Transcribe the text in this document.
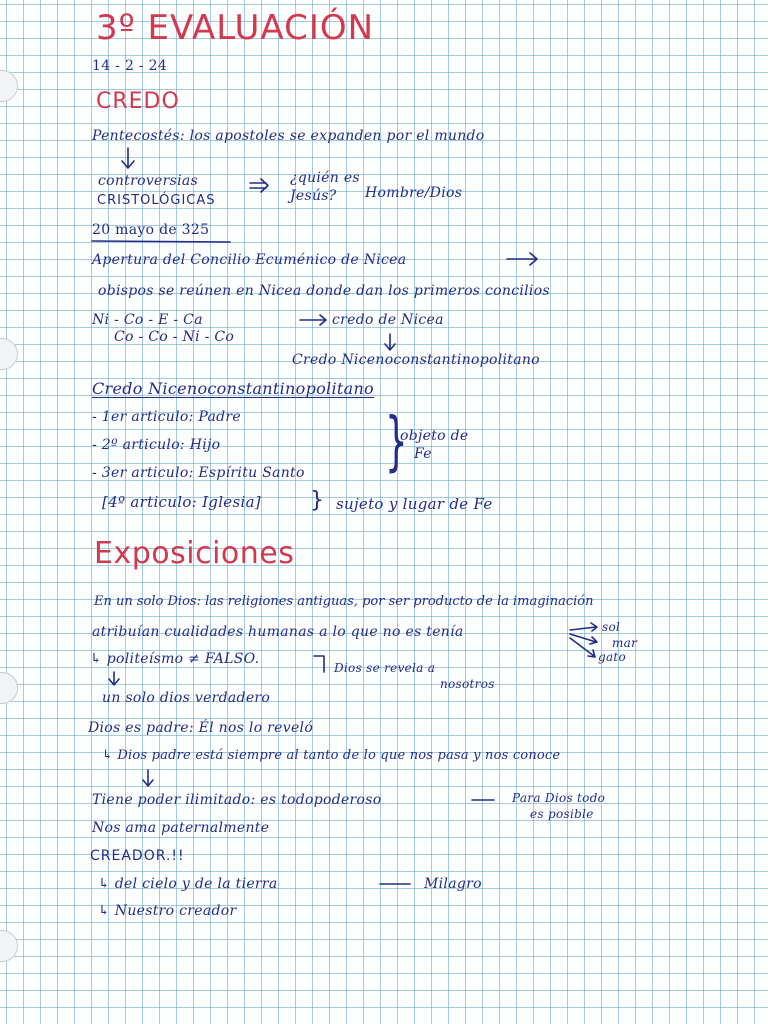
3º EVALUACIÓN
14 - 2 - 24
CREDO
Pentecostés: los apostoles se expanden por el mundo
controversias
CRISTOLÓGICAS
¿quién es
Jesús? Hombre/Dios
20 mayo de 325
Apertura del Concilio Ecuménico de Nicea
obispos se reúnen en Nicea donde dan los primeros concilios
Ni - Co - E - Ca
Co - Co - Ni - Co
credo de Nicea
Credo Nicenoconstantinopolitano
Credo Nicenoconstantinopolitano
- 1er articulo: Padre
- 2º articulo: Hijo
- 3er articulo: Espíritu Santo }
objeto de
Fe
[4º articulo: Iglesia] } sujeto y lugar de Fe
Exposiciones
En un solo Dios: las religiones antiguas, por ser producto de la imaginación
atribuían cualidades humanas a lo que no es tenía	sol
mar
gato
↳ politeísmo ≠ FALSO.
Dios se revela a
nosotros
un solo dios verdadero
Dios es padre: Él nos lo reveló
↳ Dios padre está siempre al tanto de lo que nos pasa y nos conoce
Tiene poder ilimitado: es todopoderoso	Para Dios todo
es posible
Nos ama paternalmente
CREADOR.!!
↳ del cielo y de la tierra	Milagro
↳ Nuestro creador
